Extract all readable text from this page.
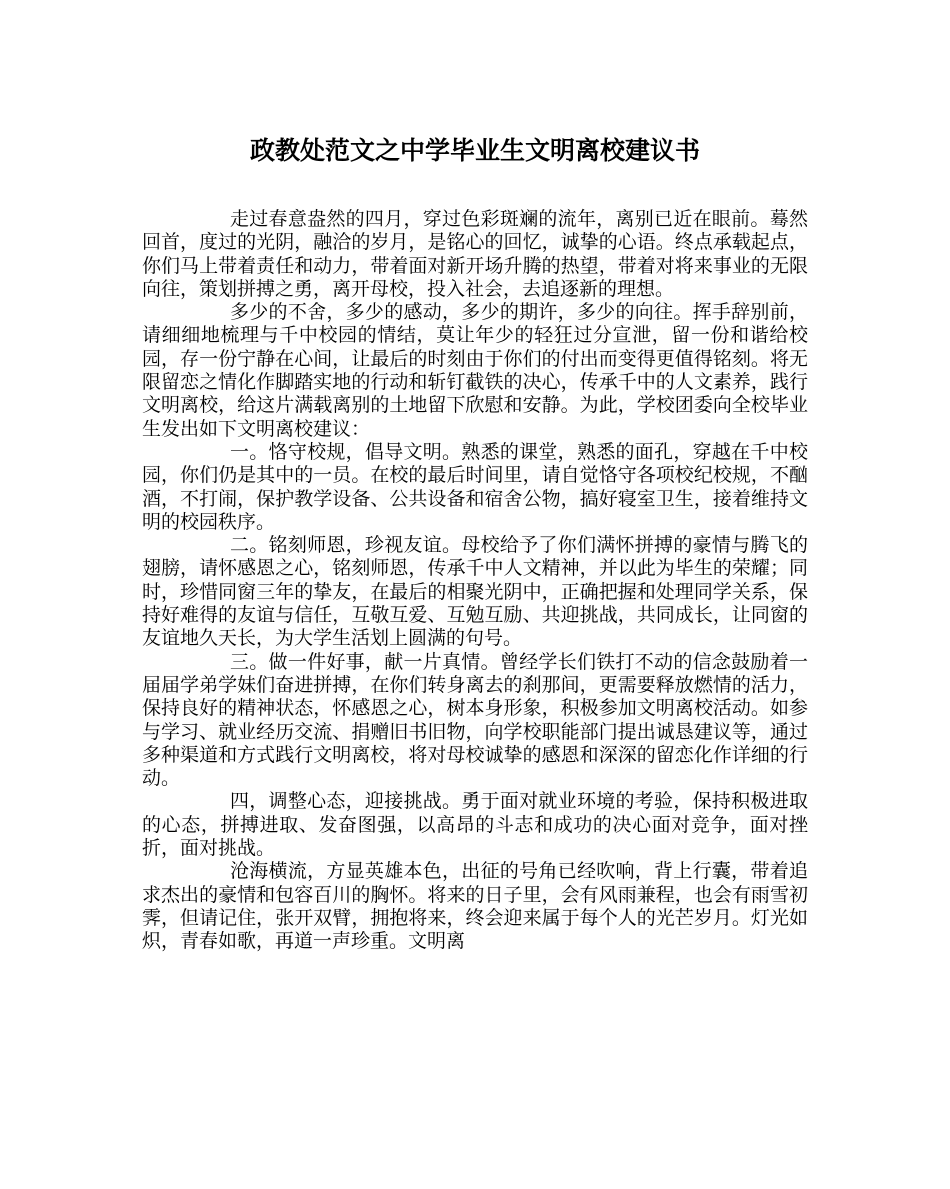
政教处范文之中学毕业生文明离校建议书

走过春意盎然的四月，穿过色彩斑斓的流年，离别已近在眼前。蓦然回首，度过的光阴，融洽的岁月，是铭心的回忆，诚挚的心语。终点承载起点，你们马上带着责任和动力，带着面对新开场升腾的热望，带着对将来事业的无限向往，策划拼搏之勇，离开母校，投入社会，去追逐新的理想。

多少的不舍，多少的感动，多少的期许，多少的向往。挥手辞别前，请细细地梳理与千中校园的情结，莫让年少的轻狂过分宣泄，留一份和谐给校园，存一份宁静在心间，让最后的时刻由于你们的付出而变得更值得铭刻。将无限留恋之情化作脚踏实地的行动和斩钉截铁的决心，传承千中的人文素养，践行文明离校，给这片满载离别的土地留下欣慰和安静。为此，学校团委向全校毕业生发出如下文明离校建议：

一。恪守校规，倡导文明。熟悉的课堂，熟悉的面孔，穿越在千中校园，你们仍是其中的一员。在校的最后时间里，请自觉恪守各项校纪校规，不酗酒，不打闹，保护教学设备、公共设备和宿舍公物，搞好寝室卫生，接着维持文明的校园秩序。

二。铭刻师恩，珍视友谊。母校给予了你们满怀拼搏的豪情与腾飞的翅膀，请怀感恩之心，铭刻师恩，传承千中人文精神，并以此为毕生的荣耀；同时，珍惜同窗三年的挚友，在最后的相聚光阴中，正确把握和处理同学关系，保持好难得的友谊与信任，互敬互爱、互勉互励、共迎挑战，共同成长，让同窗的友谊地久天长，为大学生活划上圆满的句号。

三。做一件好事，献一片真情。曾经学长们铁打不动的信念鼓励着一届届学弟学妹们奋进拼搏，在你们转身离去的刹那间，更需要释放燃情的活力，保持良好的精神状态，怀感恩之心，树本身形象，积极参加文明离校活动。如参与学习、就业经历交流、捐赠旧书旧物，向学校职能部门提出诚恳建议等，通过多种渠道和方式践行文明离校，将对母校诚挚的感恩和深深的留恋化作详细的行动。

四，调整心态，迎接挑战。勇于面对就业环境的考验，保持积极进取的心态，拼搏进取、发奋图强，以高昂的斗志和成功的决心面对竞争，面对挫折，面对挑战。

沧海横流，方显英雄本色，出征的号角已经吹响，背上行囊，带着追求杰出的豪情和包容百川的胸怀。将来的日子里，会有风雨兼程，也会有雨雪初霁，但请记住，张开双臂，拥抱将来，终会迎来属于每个人的光芒岁月。灯光如炽，青春如歌，再道一声珍重。文明离
